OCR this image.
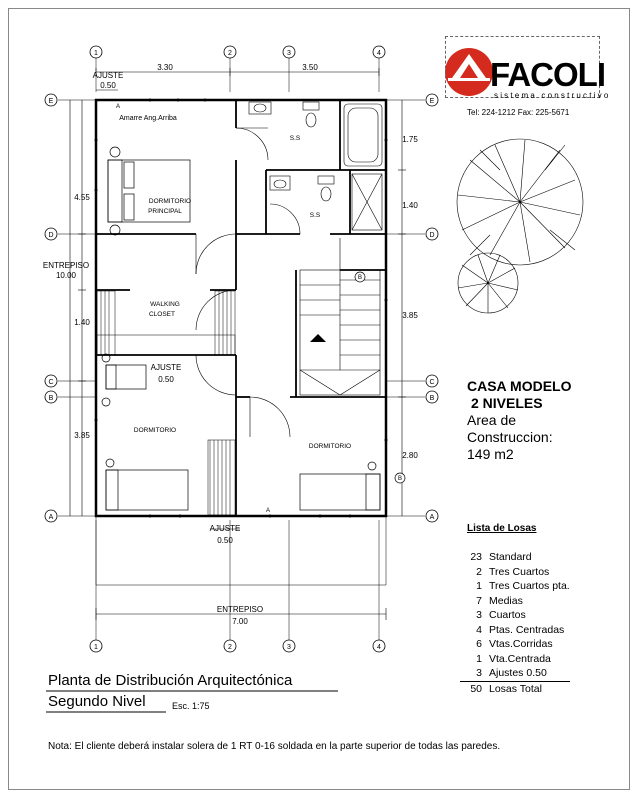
1	2	3	4
1	2	3	4
E	E
D	D
C	C
B	B
A	A
B
B
A
A
3.30	3.50
AJUSTE
0.50
4.55
ENTREPISO
10.00
1.40
3.85
1.75
1.40
3.85
2.80
AJUSTE
0.50
ENTREPISO
7.00
Amarre Ang.Arriba
S.S
S.S
DORMITORIO
PRINCIPAL
WALKING
CLOSET
AJUSTE
0.50
DORMITORIO
DORMITORIO
FACOLI
sistema constructivo
Tel: 224-1212 Fax: 225-5671
CASA MODELO
2 NIVELES
Area de
Construccion:
149 m2
Lista de Losas
23 Standard
2 Tres Cuartos
1 Tres Cuartos pta.
7 Medias
3 Cuartos
4 Ptas. Centradas
6 Vtas.Corridas
1 Vta.Centrada
3 Ajustes 0.50
50 Losas Total
Planta de Distribución Arquitectónica
Segundo Nivel	Esc. 1:75
Nota: El cliente deberá instalar solera de 1 RT 0-16 soldada en la parte superior de todas las paredes.
